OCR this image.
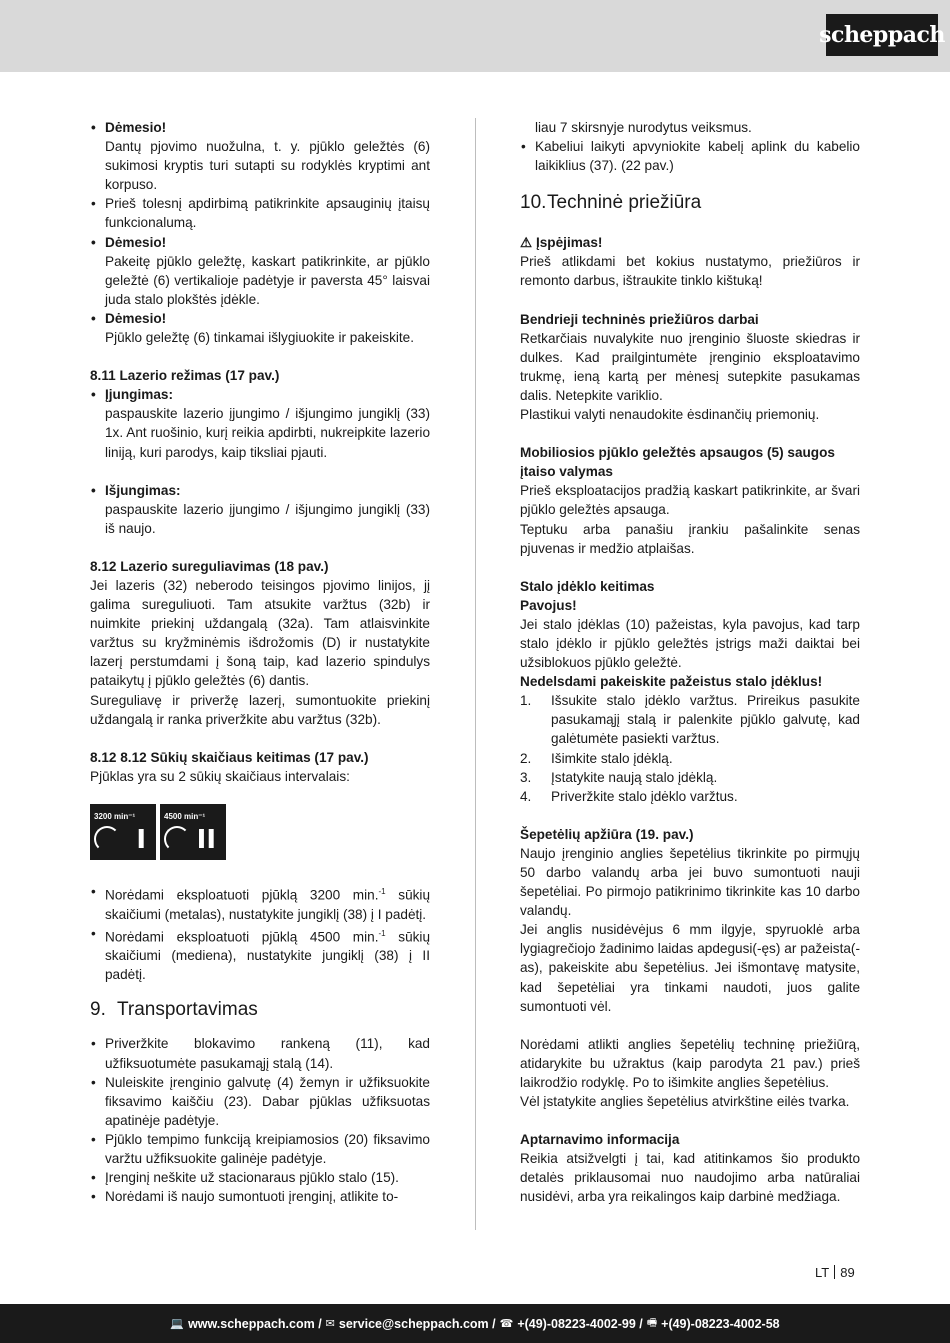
scheppach
• Dėmesio!
Dantų pjovimo nuožulna, t. y. pjūklo geležtės (6) sukimosi kryptis turi sutapti su rodyklės kryptimi ant korpuso.
• Prieš tolesnį apdirbimą patikrinkite apsauginių įtaisų funkcionalumą.
• Dėmesio!
Pakeitę pjūklo geležtę, kaskart patikrinkite, ar pjūklo geležtė (6) vertikalioje padėtyje ir paversta 45° laisvai juda stalo plokštės įdėkle.
• Dėmesio!
Pjūklo geležtę (6) tinkamai išlygiuokite ir pakeiskite.
8.11 Lazerio režimas (17 pav.)
• Įjungimas:
paspauskite lazerio įjungimo / išjungimo jungiklį (33) 1x. Ant ruošinio, kurį reikia apdirbti, nukreipkite lazerio liniją, kuri parodys, kaip tiksliai pjauti.
• Išjungimas:
paspauskite lazerio įjungimo / išjungimo jungiklį (33) iš naujo.
8.12 Lazerio sureguliavimas (18 pav.)

Jei lazeris (32) neberodo teisingos pjovimo linijos, jį galima sureguliuoti. Tam atsukite varžtus (32b) ir nuimkite priekinį uždangalą (32a). Tam atlaisvinkite varžtus su kryžminėmis išdrožomis (D) ir nustatykite lazerį perstumdami į šoną taip, kad lazerio spindulys pataikytų į pjūklo geležtės (6) dantis.

Sureguliavę ir priveržę lazerį, sumontuokite priekinį uždangalą ir ranka priveržkite abu varžtus (32b).

8.12 8.12 Sūkių skaičiaus keitimas (17 pav.)

Pjūklas yra su 2 sūkių skaičiaus intervalais:

3200 min⁻¹
I
4500 min⁻¹
II
• Norėdami eksploatuoti pjūklą 3200 min.$^{-1}$ sūkių skaičiumi (metalas), nustatykite jungiklį (38) į I padėtį.
• Norėdami eksploatuoti pjūklą 4500 min.$^{-1}$ sūkių skaičiumi (mediena), nustatykite jungiklį (38) į II padėtį.
9. Transportavimas
• Priveržkite blokavimo rankeną (11), kad užfiksuotumėte pasukamąjį stalą (14).
• Nuleiskite įrenginio galvutę (4) žemyn ir užfiksuokite fiksavimo kaiščiu (23). Dabar pjūklas užfiksuotas apatinėje padėtyje.
• Pjūklo tempimo funkciją kreipiamosios (20) fiksavimo varžtu užfiksuokite galinėje padėtyje.
• Įrenginį neškite už stacionaraus pjūklo stalo (15).
• Norėdami iš naujo sumontuoti įrenginį, atlikite to-
liau 7 skirsnyje nurodytus veiksmus.
• Kabeliui laikyti apvyniokite kabelį aplink du kabelio laikiklius (37). (22 pav.)
10.Techninė priežiūra
⚠ Įspėjimas!

Prieš atlikdami bet kokius nustatymo, priežiūros ir remonto darbus, ištraukite tinklo kištuką!

Bendrieji techninės priežiūros darbai

Retkarčiais nuvalykite nuo įrenginio šluoste skiedras ir dulkes. Kad prailgintumėte įrenginio eksploatavimo trukmę, ieną kartą per mėnesį sutepkite pasukamas dalis. Netepkite variklio.

Plastikui valyti nenaudokite ėsdinančių priemonių.

Mobiliosios pjūklo geležtės apsaugos (5) saugos įtaiso valymas

Prieš eksploatacijos pradžią kaskart patikrinkite, ar švari pjūklo geležtės apsauga.

Teptuku arba panašiu įrankiu pašalinkite senas pjuvenas ir medžio atplaišas.

Stalo įdėklo keitimas
Pavojus!

Jei stalo įdėklas (10) pažeistas, kyla pavojus, kad tarp stalo įdėklo ir pjūklo geležtės įstrigs maži daiktai bei užsiblokuos pjūklo geležtė.

Nedelsdami pakeiskite pažeistus stalo įdėklus!
1. Išsukite stalo įdėklo varžtus. Prireikus pasukite pasukamąjį stalą ir palenkite pjūklo galvutę, kad galėtumėte pasiekti varžtus.
2. Išimkite stalo įdėklą.
3. Įstatykite naują stalo įdėklą.
4. Priveržkite stalo įdėklo varžtus.
Šepetėlių apžiūra (19. pav.)

Naujo įrenginio anglies šepetėlius tikrinkite po pirmųjų 50 darbo valandų arba jei buvo sumontuoti nauji šepetėliai. Po pirmojo patikrinimo tikrinkite kas 10 darbo valandų.

Jei anglis nusidėvėjus 6 mm ilgyje, spyruoklė arba lygiagrečiojo žadinimo laidas apdegusi(-ęs) ar pažeista(-as), pakeiskite abu šepetėlius. Jei išmontavę matysite, kad šepetėliai yra tinkami naudoti, juos galite sumontuoti vėl.

Norėdami atlikti anglies šepetėlių techninę priežiūrą, atidarykite bu užraktus (kaip parodyta 21 pav.) prieš laikrodžio rodyklę. Po to išimkite anglies šepetėlius.

Vėl įstatykite anglies šepetėlius atvirkštine eilės tvarka.

Aptarnavimo informacija

Reikia atsižvelgti į tai, kad atitinkamos šio produkto detalės priklausomai nuo naudojimo arba natūraliai nusidėvi, arba yra reikalingos kaip darbinė medžiaga.

LT 89
💻 www.scheppach.com / ✉ service@scheppach.com / ☎ +(49)-08223-4002-99 / 🖷 +(49)-08223-4002-58
